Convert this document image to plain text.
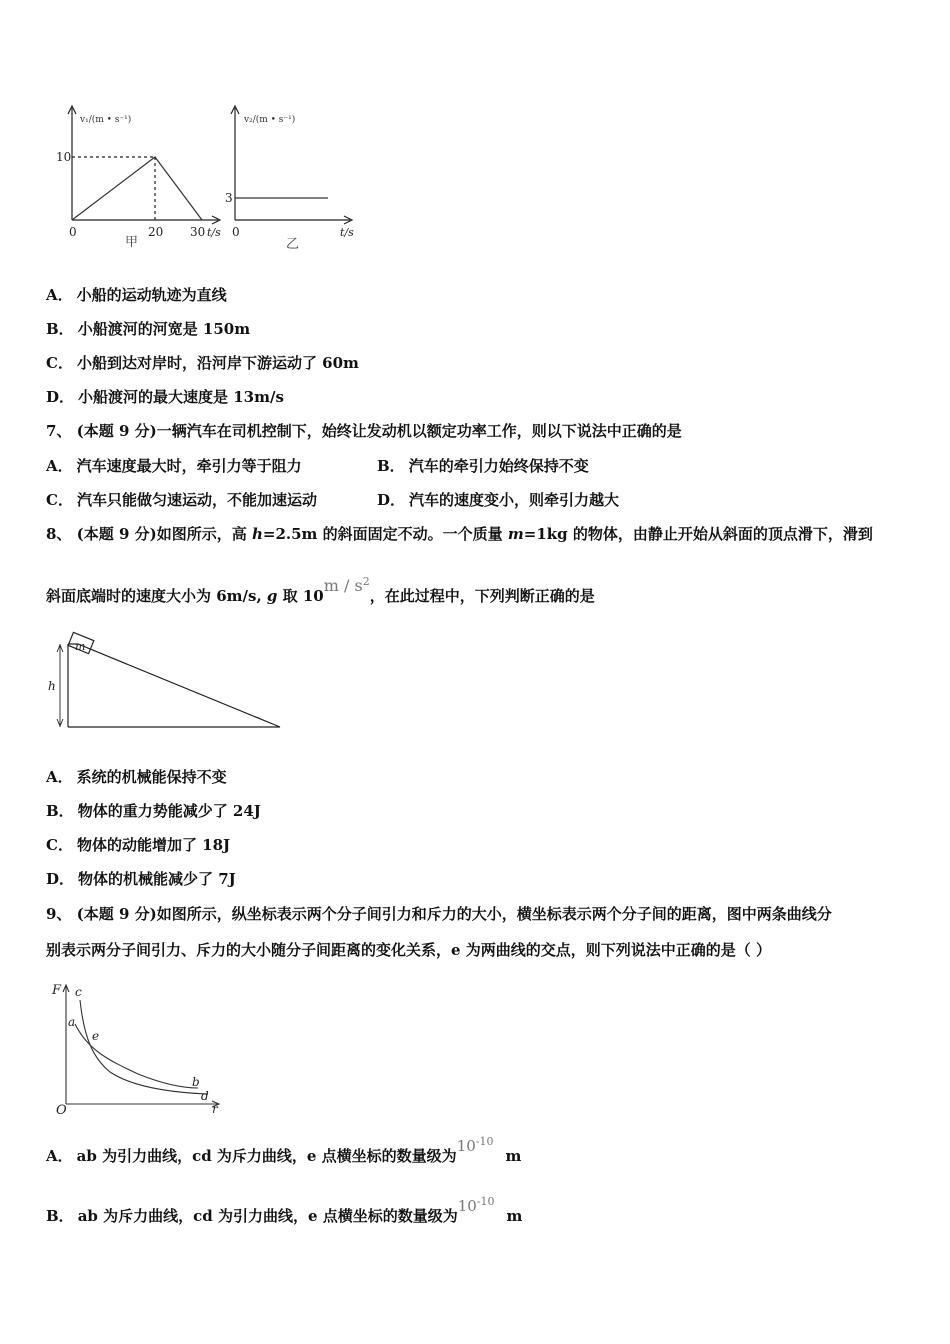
v₁/(m • s⁻¹)
10
0	20 30 t/s
甲
v₂/(m • s⁻¹)
3
0	t/s
乙
A． 小船的运动轨迹为直线
B． 小船渡河的河宽是 150m
C． 小船到达对岸时，沿河岸下游运动了 60m
D． 小船渡河的最大速度是 13m/s
7、 (本题 9 分)一辆汽车在司机控制下，始终让发动机以额定功率工作，则以下说法中正确的是
A． 汽车速度最大时，牵引力等于阻力	B． 汽车的牵引力始终保持不变
C． 汽车只能做匀速运动，不能加速运动	D． 汽车的速度变小，则牵引力越大
8、 (本题 9 分)如图所示，高 h=2.5m 的斜面固定不动。一个质量 m=1kg 的物体，由静止开始从斜面的顶点滑下，滑到
斜面底端时的速度大小为 6m/s, g 取 $10m / s^2$，在此过程中，下列判断正确的是
m
h
A． 系统的机械能保持不变
B． 物体的重力势能减少了 24J
C． 物体的动能增加了 18J
D． 物体的机械能减少了 7J
9、 (本题 9 分)如图所示，纵坐标表示两个分子间引力和斥力的大小，横坐标表示两个分子间的距离，图中两条曲线分
别表示两分子间引力、斥力的大小随分子间距离的变化关系，e 为两曲线的交点，则下列说法中正确的是（ ）
F
r
O
a
b
c
d
e
A． ab 为引力曲线，cd 为斥力曲线，e 点横坐标的数量级为$10^{-10}m$
B． ab 为斥力曲线，cd 为引力曲线，e 点横坐标的数量级为$10^{-10}m$
